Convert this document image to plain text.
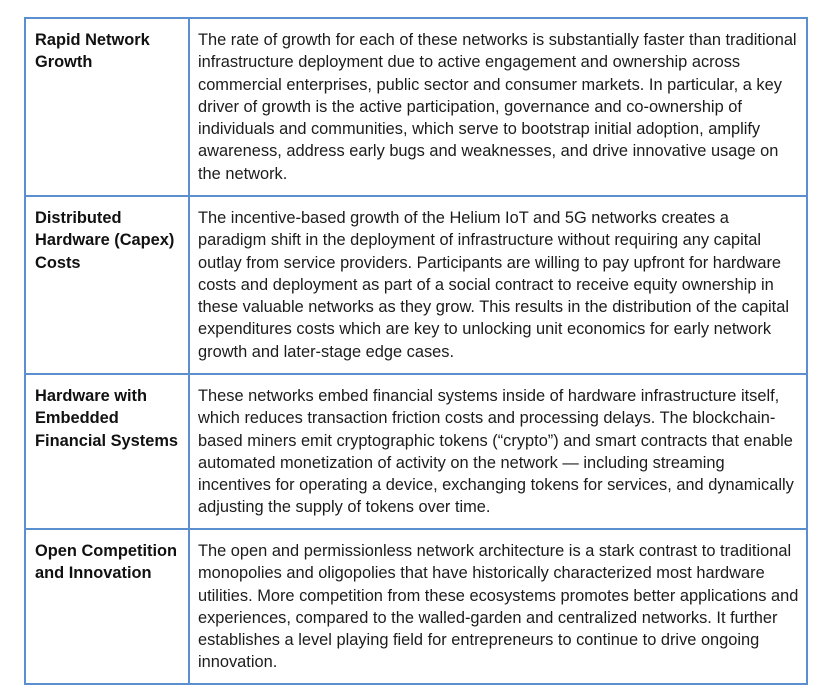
Rapid Network Growth	The rate of growth for each of these networks is substantially faster than traditional infrastructure deployment due to active engagement and ownership across commercial enterprises, public sector and consumer markets. In particular, a key driver of growth is the active participation, governance and co-ownership of individuals and communities, which serve to bootstrap initial adoption, amplify awareness, address early bugs and weaknesses, and drive innovative usage on the network.
Distributed Hardware (Capex) Costs	The incentive-based growth of the Helium IoT and 5G networks creates a paradigm shift in the deployment of infrastructure without requiring any capital outlay from service providers. Participants are willing to pay upfront for hardware costs and deployment as part of a social contract to receive equity ownership in these valuable networks as they grow. This results in the distribution of the capital expenditures costs which are key to unlocking unit economics for early network growth and later-stage edge cases.
Hardware with Embedded Financial Systems	These networks embed financial systems inside of hardware infrastructure itself, which reduces transaction friction costs and processing delays. The blockchain-based miners emit cryptographic tokens (“crypto”) and smart contracts that enable automated monetization of activity on the network — including streaming incentives for operating a device, exchanging tokens for services, and dynamically adjusting the supply of tokens over time.
Open Competition and Innovation	The open and permissionless network architecture is a stark contrast to traditional monopolies and oligopolies that have historically characterized most hardware utilities. More competition from these ecosystems promotes better applications and experiences, compared to the walled-garden and centralized networks. It further establishes a level playing field for entrepreneurs to continue to drive ongoing innovation.
